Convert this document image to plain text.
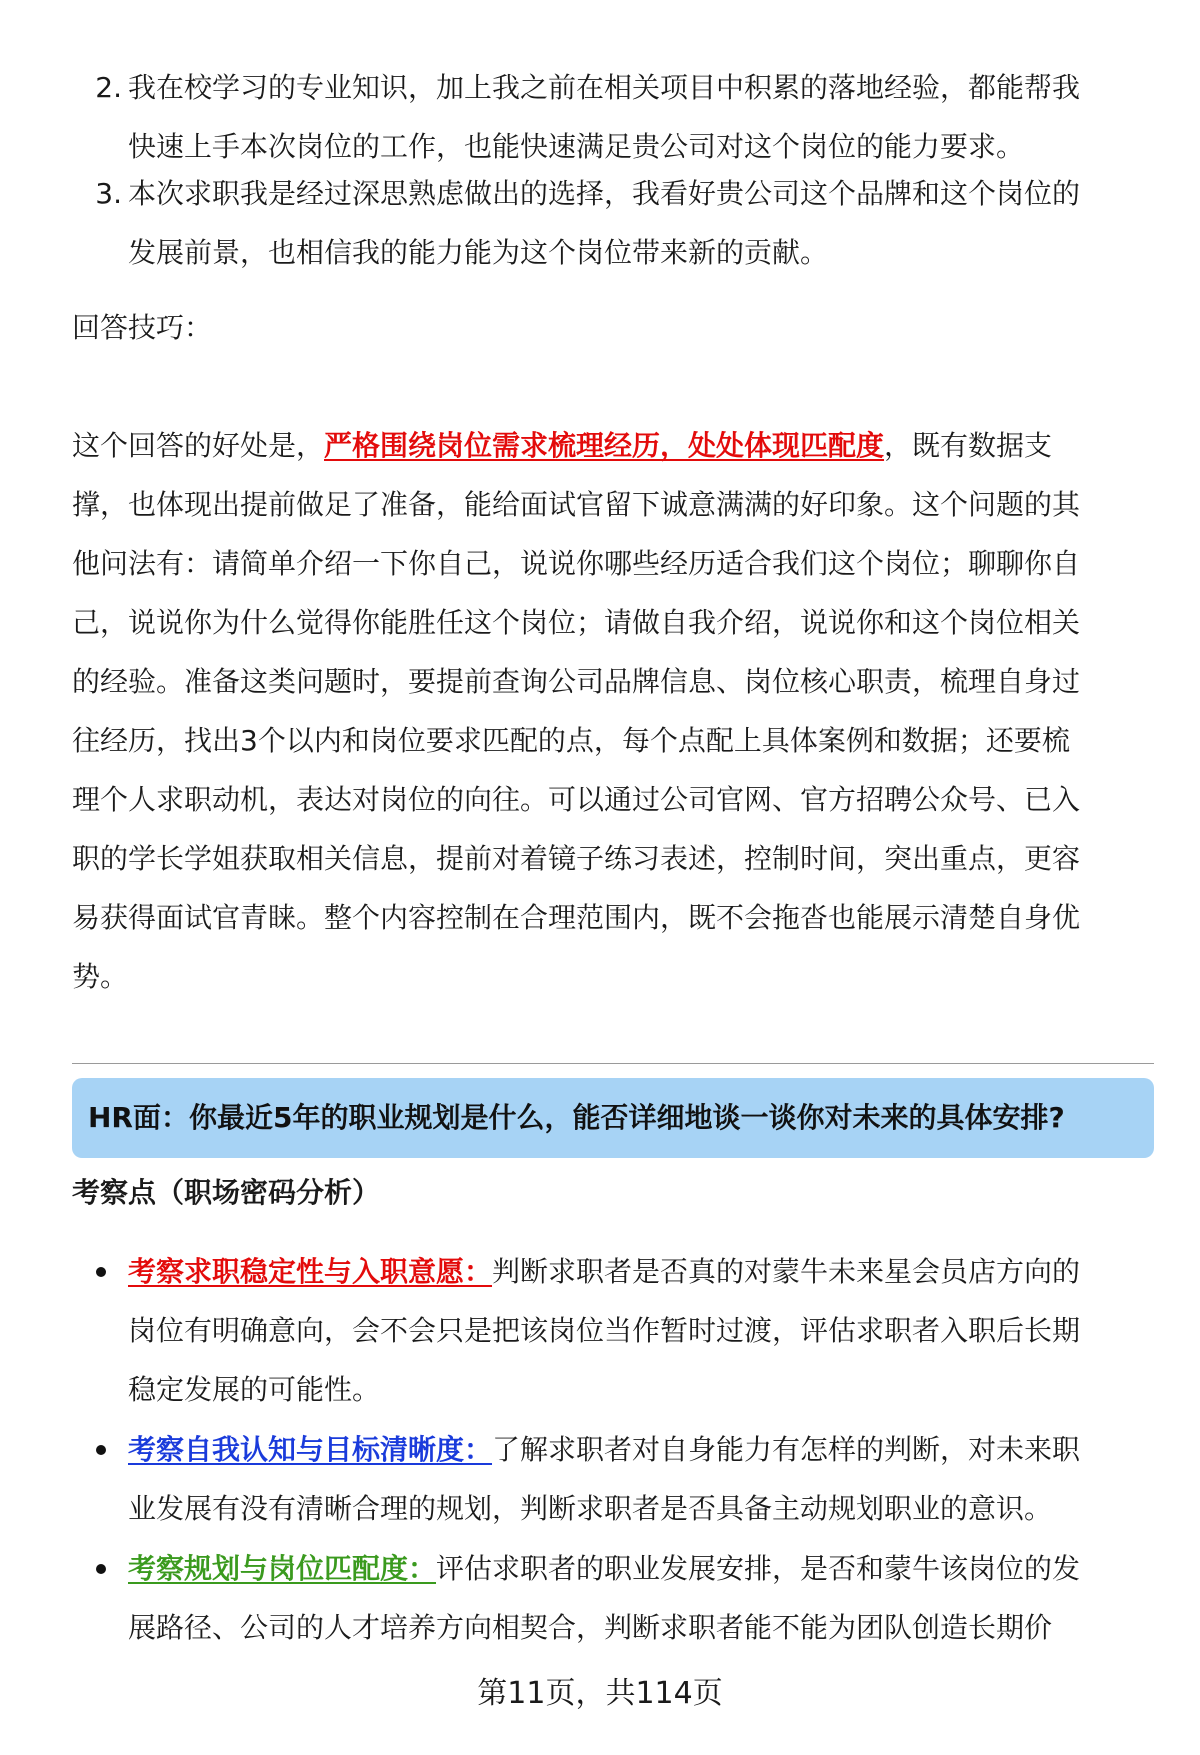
2. 我在校学习的专业知识，加上我之前在相关项目中积累的落地经验，都能帮我
快速上手本次岗位的工作，也能快速满足贵公司对这个岗位的能力要求。
3. 本次求职我是经过深思熟虑做出的选择，我看好贵公司这个品牌和这个岗位的
发展前景，也相信我的能力能为这个岗位带来新的贡献。
回答技巧：
这个回答的好处是，严格围绕岗位需求梳理经历，处处体现匹配度，既有数据支
撑，也体现出提前做足了准备，能给面试官留下诚意满满的好印象。这个问题的其
他问法有：请简单介绍一下你自己，说说你哪些经历适合我们这个岗位；聊聊你自
己，说说你为什么觉得你能胜任这个岗位；请做自我介绍，说说你和这个岗位相关
的经验。准备这类问题时，要提前查询公司品牌信息、岗位核心职责，梳理自身过
往经历，找出3个以内和岗位要求匹配的点，每个点配上具体案例和数据；还要梳
理个人求职动机，表达对岗位的向往。可以通过公司官网、官方招聘公众号、已入
职的学长学姐获取相关信息，提前对着镜子练习表述，控制时间，突出重点，更容
易获得面试官青睐。整个内容控制在合理范围内，既不会拖沓也能展示清楚自身优
势。
HR面：你最近5年的职业规划是什么，能否详细地谈一谈你对未来的具体安排?
考察点（职场密码分析）
考察求职稳定性与入职意愿：判断求职者是否真的对蒙牛未来星会员店方向的
岗位有明确意向，会不会只是把该岗位当作暂时过渡，评估求职者入职后长期
稳定发展的可能性。
考察自我认知与目标清晰度：了解求职者对自身能力有怎样的判断，对未来职
业发展有没有清晰合理的规划，判断求职者是否具备主动规划职业的意识。
考察规划与岗位匹配度：评估求职者的职业发展安排，是否和蒙牛该岗位的发
展路径、公司的人才培养方向相契合，判断求职者能不能为团队创造长期价
第11页，共114页
